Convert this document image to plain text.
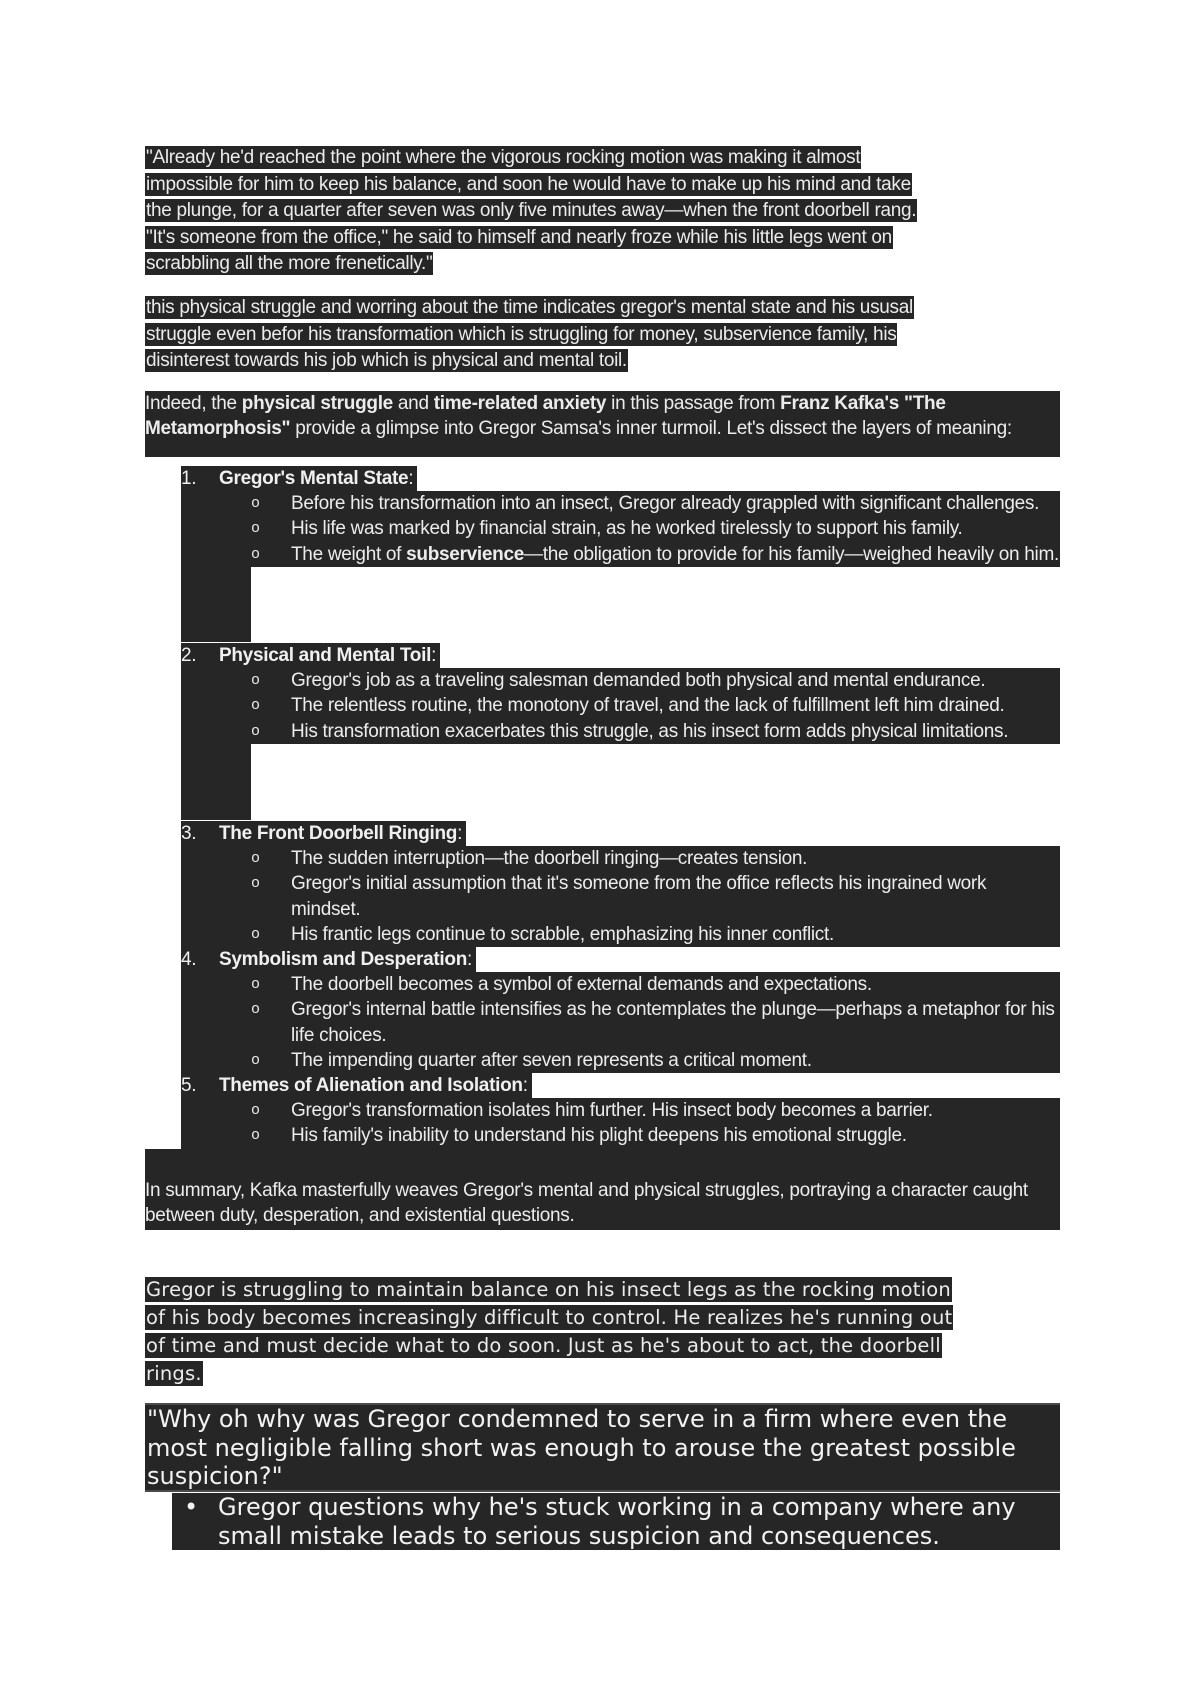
"Already he'd reached the point where the vigorous rocking motion was making it almost
impossible for him to keep his balance, and soon he would have to make up his mind and take
the plunge, for a quarter after seven was only five minutes away—when the front doorbell rang.
"It's someone from the office," he said to himself and nearly froze while his little legs went on
scrabbling all the more frenetically."

this physical struggle and worring about the time indicates gregor's mental state and his ususal
struggle even befor his transformation which is struggling for money, subservience family, his
disinterest towards his job which is physical and mental toil.

Indeed, the physical struggle and time-related anxiety in this passage from Franz Kafka's "The Metamorphosis" provide a glimpse into Gregor Samsa's inner turmoil. Let's dissect the layers of meaning:

1. Gregor's Mental State:
o Before his transformation into an insect, Gregor already grappled with significant challenges.
o His life was marked by financial strain, as he worked tirelessly to support his family.
o The weight of subservience—the obligation to provide for his family—weighed heavily on him.
2. Physical and Mental Toil:
o Gregor's job as a traveling salesman demanded both physical and mental endurance.
o The relentless routine, the monotony of travel, and the lack of fulfillment left him drained.
o His transformation exacerbates this struggle, as his insect form adds physical limitations.
3. The Front Doorbell Ringing:
o The sudden interruption—the doorbell ringing—creates tension.
o Gregor's initial assumption that it's someone from the office reflects his ingrained work mindset.
o His frantic legs continue to scrabble, emphasizing his inner conflict.
4. Symbolism and Desperation:
o The doorbell becomes a symbol of external demands and expectations.
o Gregor's internal battle intensifies as he contemplates the plunge—perhaps a metaphor for his life choices.
o The impending quarter after seven represents a critical moment.
5. Themes of Alienation and Isolation:
o Gregor's transformation isolates him further. His insect body becomes a barrier.
o His family's inability to understand his plight deepens his emotional struggle.

In summary, Kafka masterfully weaves Gregor's mental and physical struggles, portraying a character caught between duty, desperation, and existential questions.

Gregor is struggling to maintain balance on his insect legs as the rocking motion
of his body becomes increasingly difficult to control. He realizes he's running out
of time and must decide what to do soon. Just as he's about to act, the doorbell
rings.

"Why oh why was Gregor condemned to serve in a firm where even the most negligible falling short was enough to arouse the greatest possible suspicion?"

• Gregor questions why he's stuck working in a company where any small mistake leads to serious suspicion and consequences.
